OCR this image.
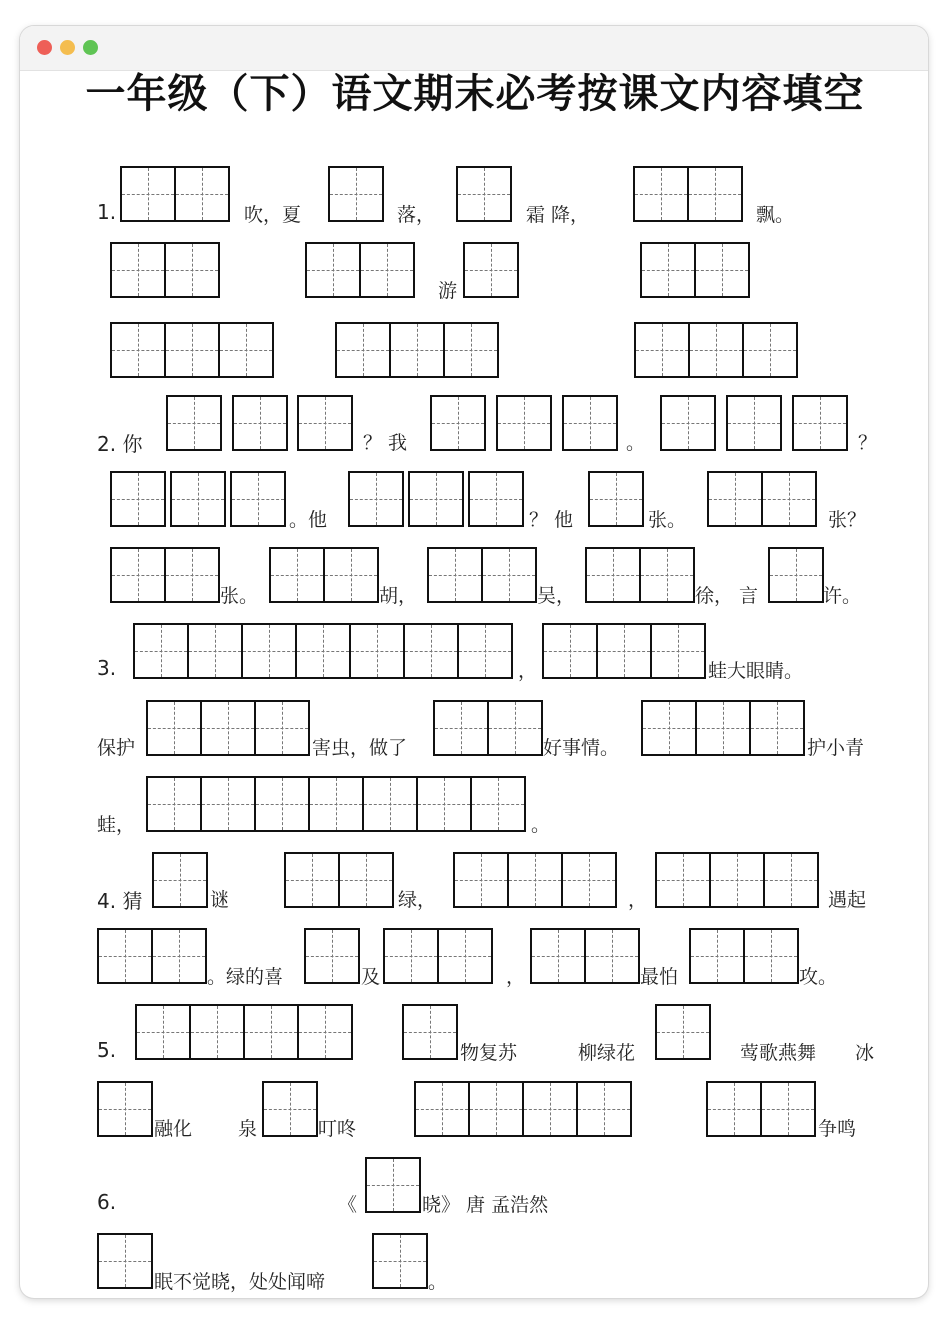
一年级（下）语文期末必考按课文内容填空
1.	吹，夏	落，	霜 降，	飘。
游
2. 你	？ 我	。	？
。他	？ 他	张。	张？
张。	胡，	吴，	徐， 言	许。
3.	，	蛙大眼睛。
保护	害虫，做了	好事情。	护小青
蛙，	。
4. 猜	谜	绿，	，	遇起
。绿的喜	及	，	最怕	攻。
5.	物复苏	柳绿花	莺歌燕舞 冰
融化 泉	叮咚	争鸣
6.	《	晓》 唐 孟浩然
眠不觉晓，处处闻啼	。
